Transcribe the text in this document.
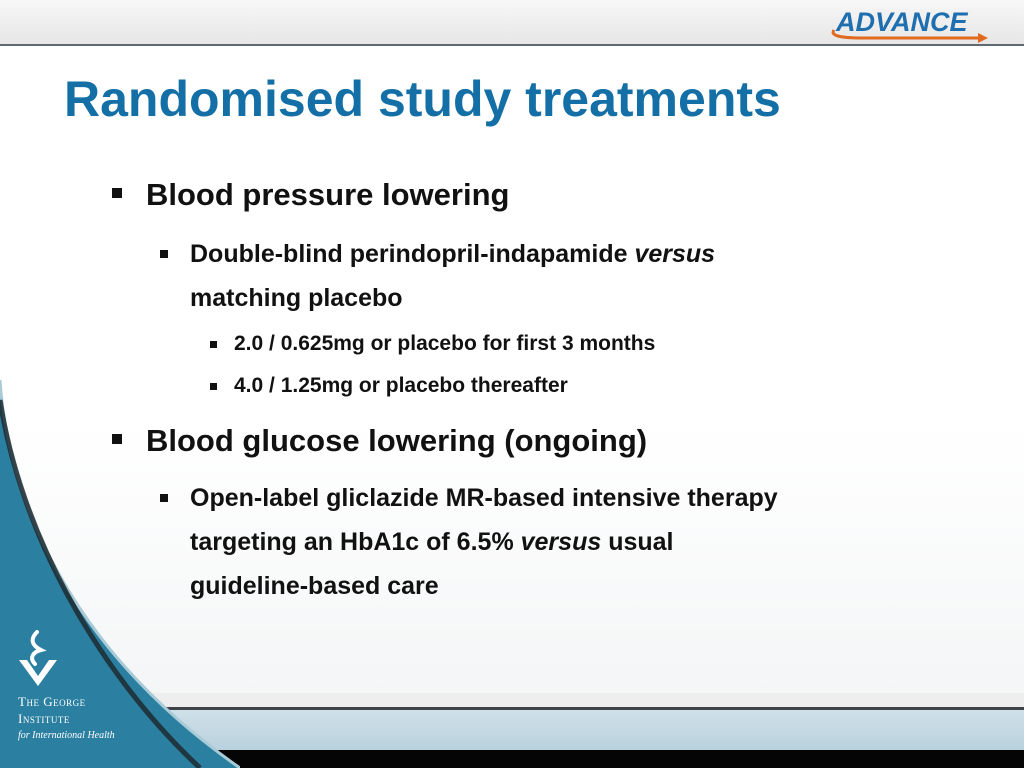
ADVANCE
Randomised study treatments
Blood pressure lowering
Double-blind perindopril-indapamide versus
matching placebo
2.0 / 0.625mg or placebo for first 3 months
4.0 / 1.25mg or placebo thereafter
Blood glucose lowering (ongoing)
Open-label gliclazide MR-based intensive therapy
targeting an HbA1c of 6.5% versus usual
guideline-based care
The George
Institute
for International Health
